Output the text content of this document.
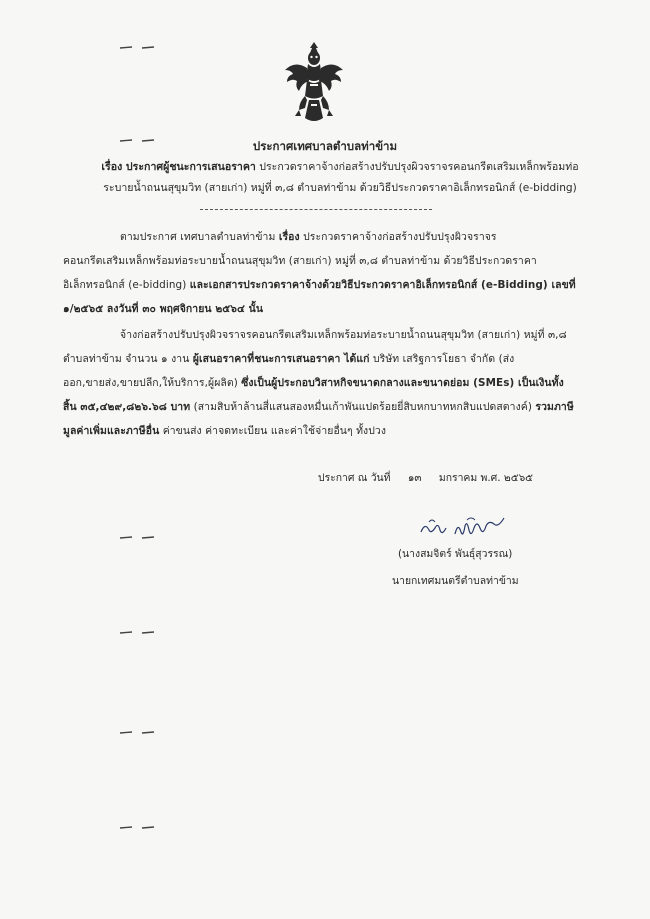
ประกาศเทศบาลตำบลท่าข้าม
เรื่อง ประกาศผู้ชนะการเสนอราคา ประกวดราคาจ้างก่อสร้างปรับปรุงผิวจราจรคอนกรีตเสริมเหล็กพร้อมท่อ
ระบายน้ำถนนสุขุมวิท (สายเก่า) หมู่ที่ ๓,๘ ตำบลท่าข้าม ด้วยวิธีประกวดราคาอิเล็กทรอนิกส์ (e-bidding)
ตามประกาศ เทศบาลตำบลท่าข้าม เรื่อง ประกวดราคาจ้างก่อสร้างปรับปรุงผิวจราจร
คอนกรีตเสริมเหล็กพร้อมท่อระบายน้ำถนนสุขุมวิท (สายเก่า) หมู่ที่ ๓,๘ ตำบลท่าข้าม ด้วยวิธีประกวดราคา
อิเล็กทรอนิกส์ (e-bidding) และเอกสารประกวดราคาจ้างด้วยวิธีประกวดราคาอิเล็กทรอนิกส์ (e-Bidding) เลขที่
๑/๒๕๖๕ ลงวันที่ ๓๐ พฤศจิกายน ๒๕๖๔ นั้น
จ้างก่อสร้างปรับปรุงผิวจราจรคอนกรีตเสริมเหล็กพร้อมท่อระบายน้ำถนนสุขุมวิท (สายเก่า) หมู่ที่ ๓,๘
ตำบลท่าข้าม จำนวน ๑ งาน ผู้เสนอราคาที่ชนะการเสนอราคา ได้แก่ บริษัท เสริฐการโยธา จำกัด (ส่ง
ออก,ขายส่ง,ขายปลีก,ให้บริการ,ผู้ผลิต) ซึ่งเป็นผู้ประกอบวิสาหกิจขนาดกลางและขนาดย่อม (SMEs) เป็นเงินทั้ง
สิ้น ๓๕,๔๒๙,๘๒๖.๖๘ บาท (สามสิบห้าล้านสี่แสนสองหมื่นเก้าพันแปดร้อยยี่สิบหกบาทหกสิบแปดสตางค์) รวมภาษี
มูลค่าเพิ่มและภาษีอื่น ค่าขนส่ง ค่าจดทะเบียน และค่าใช้จ่ายอื่นๆ ทั้งปวง
ประกาศ ณ วันที่ ๑๓ มกราคม พ.ศ. ๒๕๖๕
(นางสมจิตร์ พันธุ์สุวรรณ)
นายกเทศมนตรีตำบลท่าข้าม
